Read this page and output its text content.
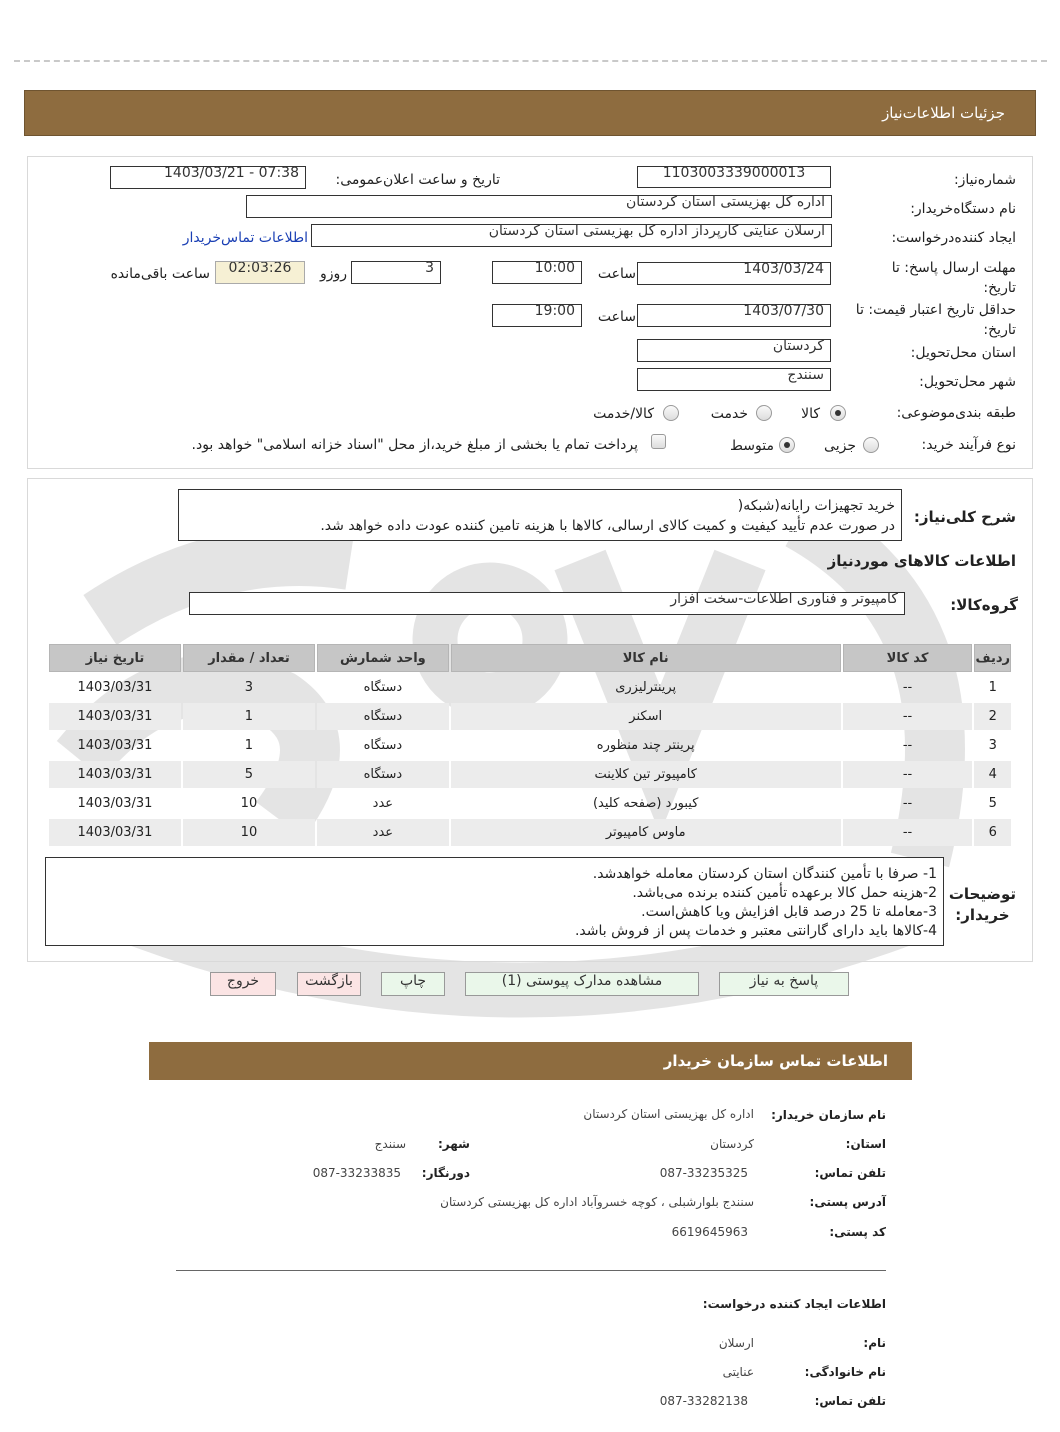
جزئیات اطلاعات‌نیاز
شماره‌نیاز:
1103003339000013
تاریخ و ساعت اعلان‌عمومی:
1403/03/21 - 07:38
نام دستگاه‌خریدار:
اداره کل بهزیستی استان کردستان
ایجاد کننده‌درخواست:
ارسلان عنایتی کارپرداز اداره کل بهزیستی استان کردستان
اطلاعات تماس‌خریدار
مهلت ارسال پاسخ: تا
تاریخ:
1403/03/24
ساعت
10:00
3
روزو
02:03:26
ساعت باقی‌مانده
حداقل تاریخ اعتبار قیمت: تا
تاریخ:
1403/07/30
ساعت
19:00
استان محل‌تحویل:
کردستان
شهر محل‌تحویل:
سنندج
طبقه بندی‌موضوعی:
کالا
خدمت
کالا/خدمت
نوع فرآیند خرید:
جزیی
متوسط
پرداخت تمام یا بخشی از مبلغ خرید،از محل "اسناد خزانه اسلامی" خواهد بود.
شرح کلی‌نیاز:
خرید تجهیزات رایانه(شبکه(
در صورت عدم تأیید کیفیت و کمیت کالای ارسالی، کالاها با هزینه تامین کننده عودت داده خواهد شد.
اطلاعات کالاهای موردنیاز
گروه‌کالا:
کامپیوتر و فناوری اطلاعات-سخت افزار
ردیف	کد کالا	نام کالا	واحد شمارش	تعداد / مقدار	تاریخ نیاز
1	--	پرینترلیزری	دستگاه	3	1403/03/31
2	--	اسکنر	دستگاه	1	1403/03/31
3	--	پرینتر چند منظوره	دستگاه	1	1403/03/31
4	--	کامپیوتر تین کلاینت	دستگاه	5	1403/03/31
5	--	کیبورد (صفحه کلید)	عدد	10	1403/03/31
6	--	ماوس کامپیوتر	عدد	10	1403/03/31
توضیحات
خریدار:
1- صرفا با تأمین کنندگان استان کردستان معامله خواهدشد.
2-هزینه حمل کالا برعهده تأمین کننده برنده می‌باشد.
3-معامله تا 25 درصد قابل افزایش ویا کاهش‌است.
4-کالاها باید دارای گارانتی معتبر و خدمات پس از فروش باشد.
پاسخ به نیاز
مشاهده مدارک پیوستی (1)
چاپ
بازگشت
خروج
اطلاعات تماس سازمان خریدار
نام سازمان خریدار:
اداره کل بهزیستی استان کردستان
استان:
کردستان
شهر:
سنندج
تلفن تماس:
087-33235325
دورنگار:
087-33233835
آدرس پستی:
سنندج بلوارشبلی ، کوچه خسروآباد اداره کل بهزیستی کردستان
کد پستی:
6619645963
اطلاعات ایجاد کننده درخواست:
نام:
ارسلان
نام خانوادگی:
عنایتی
تلفن تماس:
087-33282138
